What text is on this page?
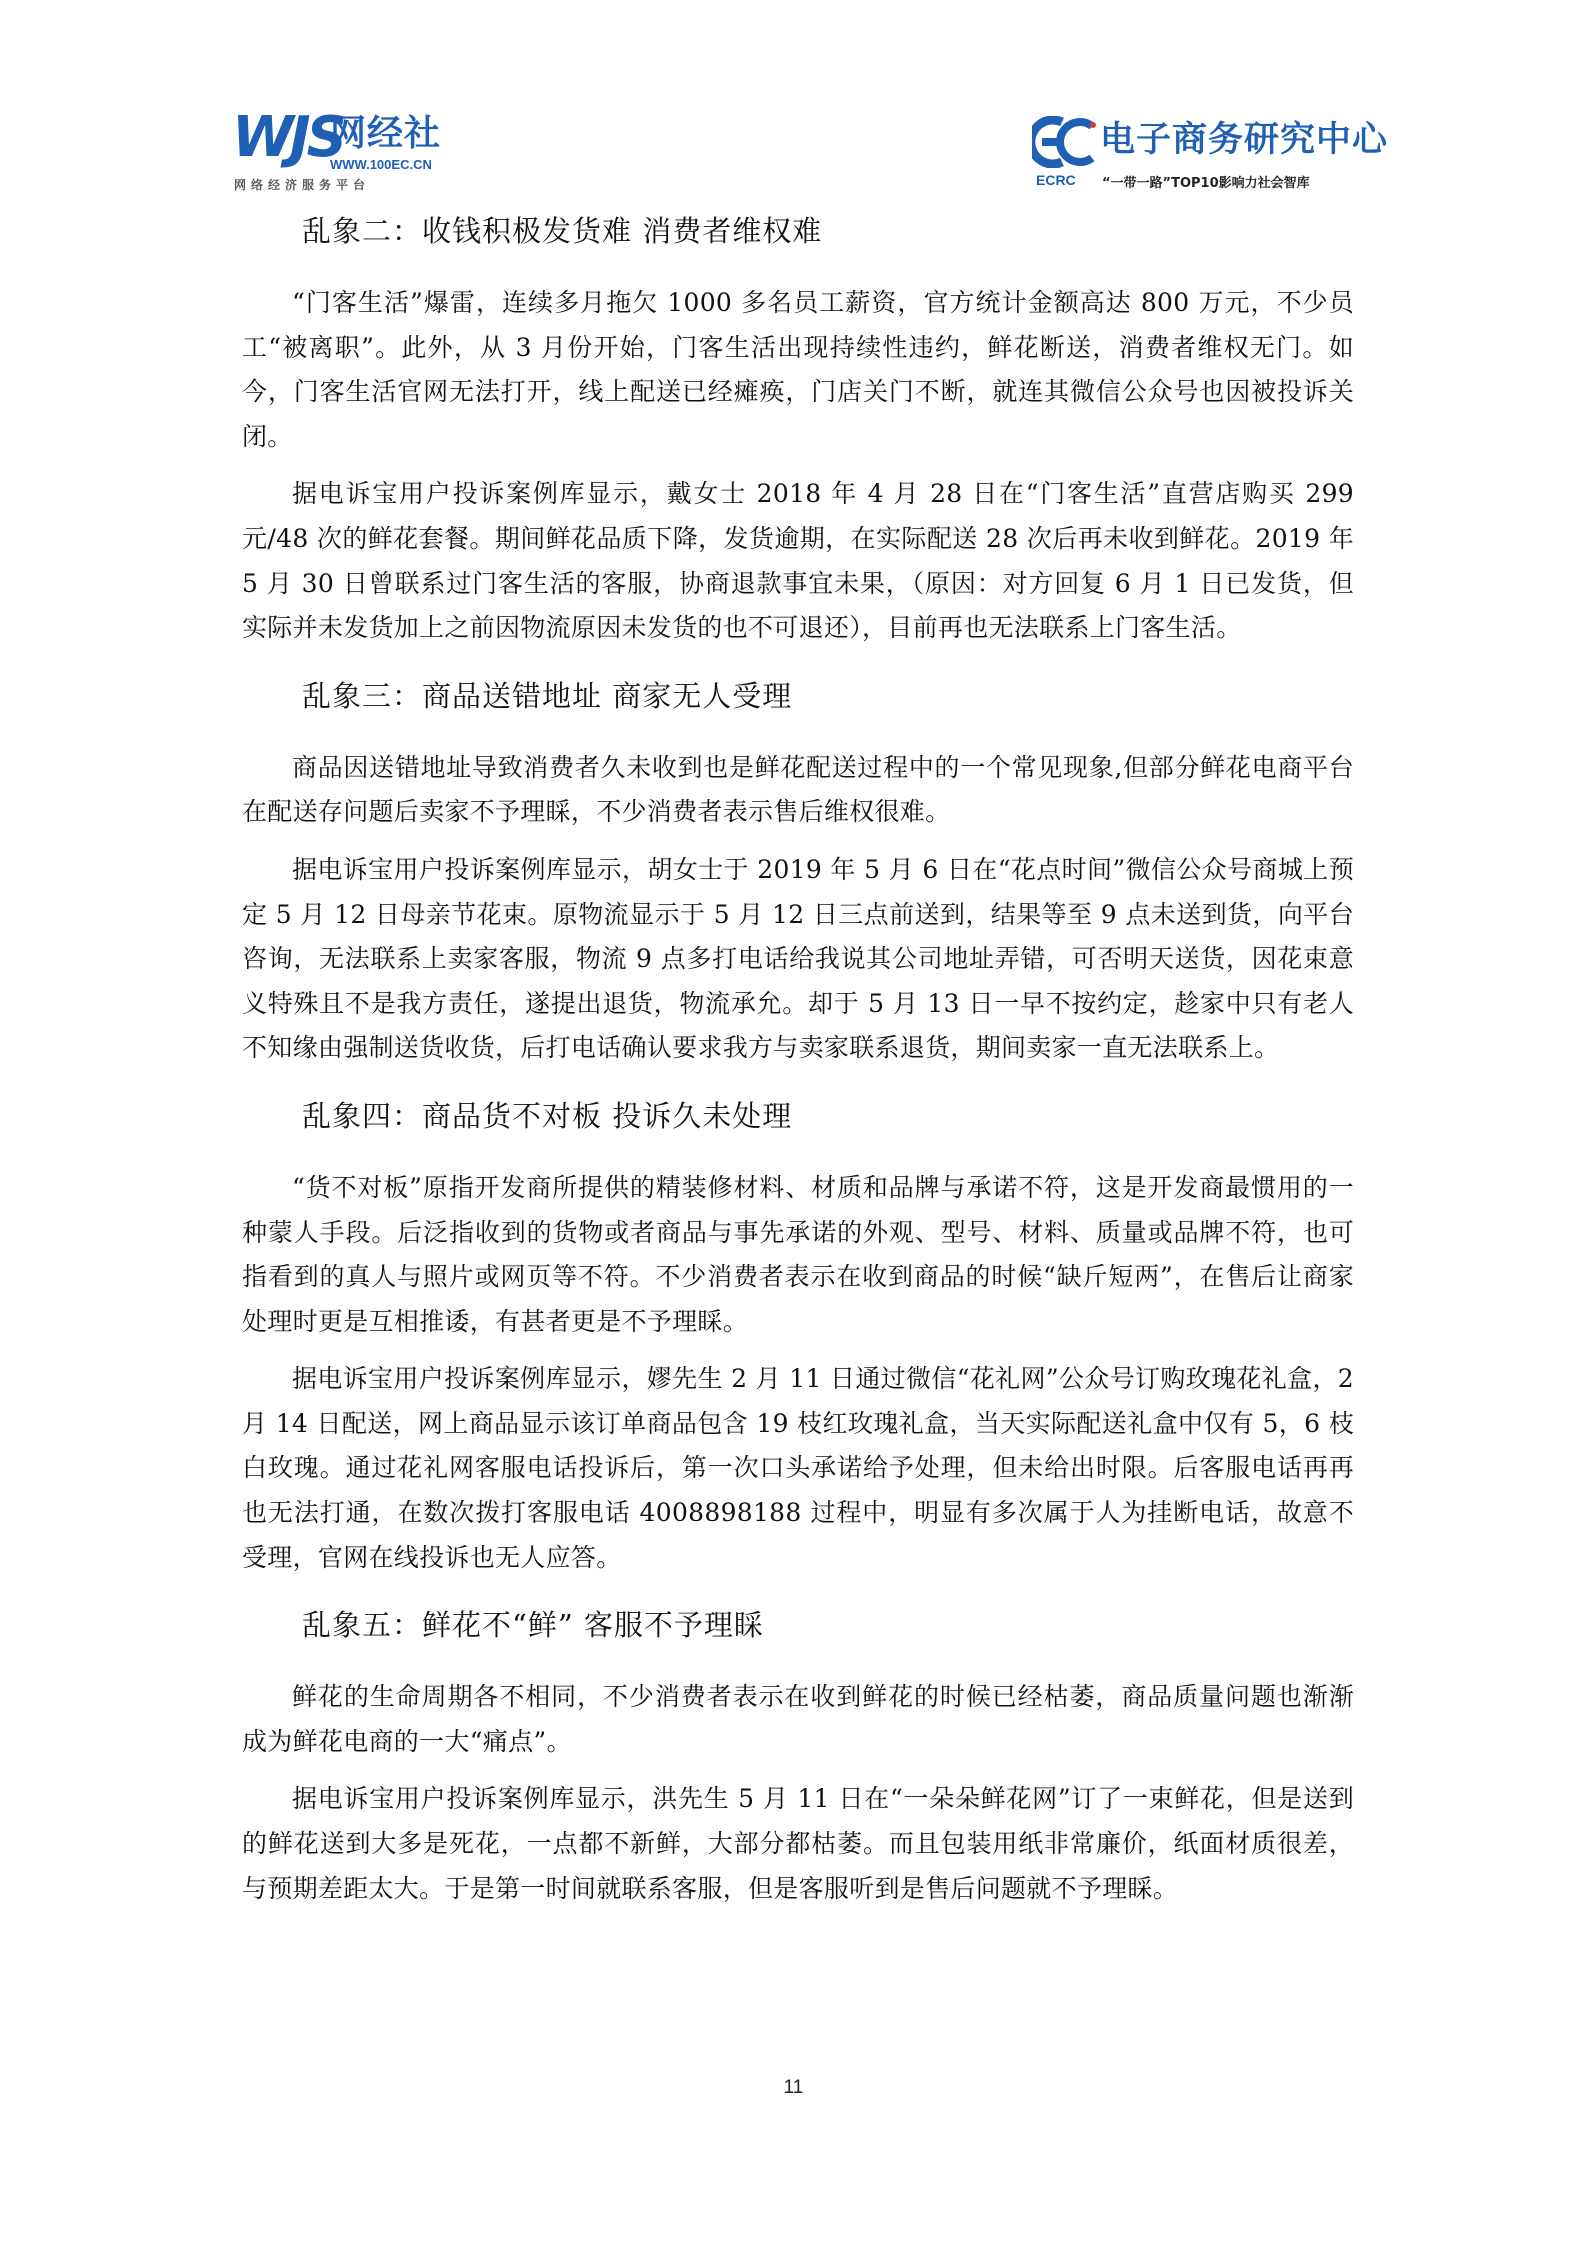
WJS
网经社
WWW.100EC.CN
网络经济服务平台
电子商务研究中心
ECRC “一带一路”TOP10影响力社会智库
乱象二：收钱积极发货难 消费者维权难

“门客生活”爆雷，连续多月拖欠 1000 多名员工薪资，官方统计金额高达 800 万元，不少员工“被离职”。此外，从 3 月份开始，门客生活出现持续性违约，鲜花断送，消费者维权无门。如今，门客生活官网无法打开，线上配送已经瘫痪，门店关门不断，就连其微信公众号也因被投诉关闭。

据电诉宝用户投诉案例库显示，戴女士 2018 年 4 月 28 日在“门客生活”直营店购买 299 元/48 次的鲜花套餐。期间鲜花品质下降，发货逾期，在实际配送 28 次后再未收到鲜花。2019 年 5 月 30 日曾联系过门客生活的客服，协商退款事宜未果，（原因：对方回复 6 月 1 日已发货，但实际并未发货加上之前因物流原因未发货的也不可退还），目前再也无法联系上门客生活。

乱象三：商品送错地址 商家无人受理

商品因送错地址导致消费者久未收到也是鲜花配送过程中的一个常见现象,但部分鲜花电商平台在配送存问题后卖家不予理睬，不少消费者表示售后维权很难。

据电诉宝用户投诉案例库显示，胡女士于 2019 年 5 月 6 日在“花点时间”微信公众号商城上预定 5 月 12 日母亲节花束。原物流显示于 5 月 12 日三点前送到，结果等至 9 点未送到货，向平台咨询，无法联系上卖家客服，物流 9 点多打电话给我说其公司地址弄错，可否明天送货，因花束意义特殊且不是我方责任，遂提出退货，物流承允。却于 5 月 13 日一早不按约定，趁家中只有老人不知缘由强制送货收货，后打电话确认要求我方与卖家联系退货，期间卖家一直无法联系上。

乱象四：商品货不对板 投诉久未处理

“货不对板”原指开发商所提供的精装修材料、材质和品牌与承诺不符，这是开发商最惯用的一种蒙人手段。后泛指收到的货物或者商品与事先承诺的外观、型号、材料、质量或品牌不符，也可指看到的真人与照片或网页等不符。不少消费者表示在收到商品的时候“缺斤短两”，在售后让商家处理时更是互相推诿，有甚者更是不予理睬。

据电诉宝用户投诉案例库显示，嫪先生 2 月 11 日通过微信“花礼网”公众号订购玫瑰花礼盒，2 月 14 日配送，网上商品显示该订单商品包含 19 枝红玫瑰礼盒，当天实际配送礼盒中仅有 5，6 枝白玫瑰。通过花礼网客服电话投诉后，第一次口头承诺给予处理，但未给出时限。后客服电话再再也无法打通，在数次拨打客服电话 4008898188 过程中，明显有多次属于人为挂断电话，故意不受理，官网在线投诉也无人应答。

乱象五：鲜花不“鲜” 客服不予理睬

鲜花的生命周期各不相同，不少消费者表示在收到鲜花的时候已经枯萎，商品质量问题也渐渐成为鲜花电商的一大“痛点”。

据电诉宝用户投诉案例库显示，洪先生 5 月 11 日在“一朵朵鲜花网”订了一束鲜花，但是送到的鲜花送到大多是死花，一点都不新鲜，大部分都枯萎。而且包装用纸非常廉价，纸面材质很差，与预期差距太大。于是第一时间就联系客服，但是客服听到是售后问题就不予理睬。

11
